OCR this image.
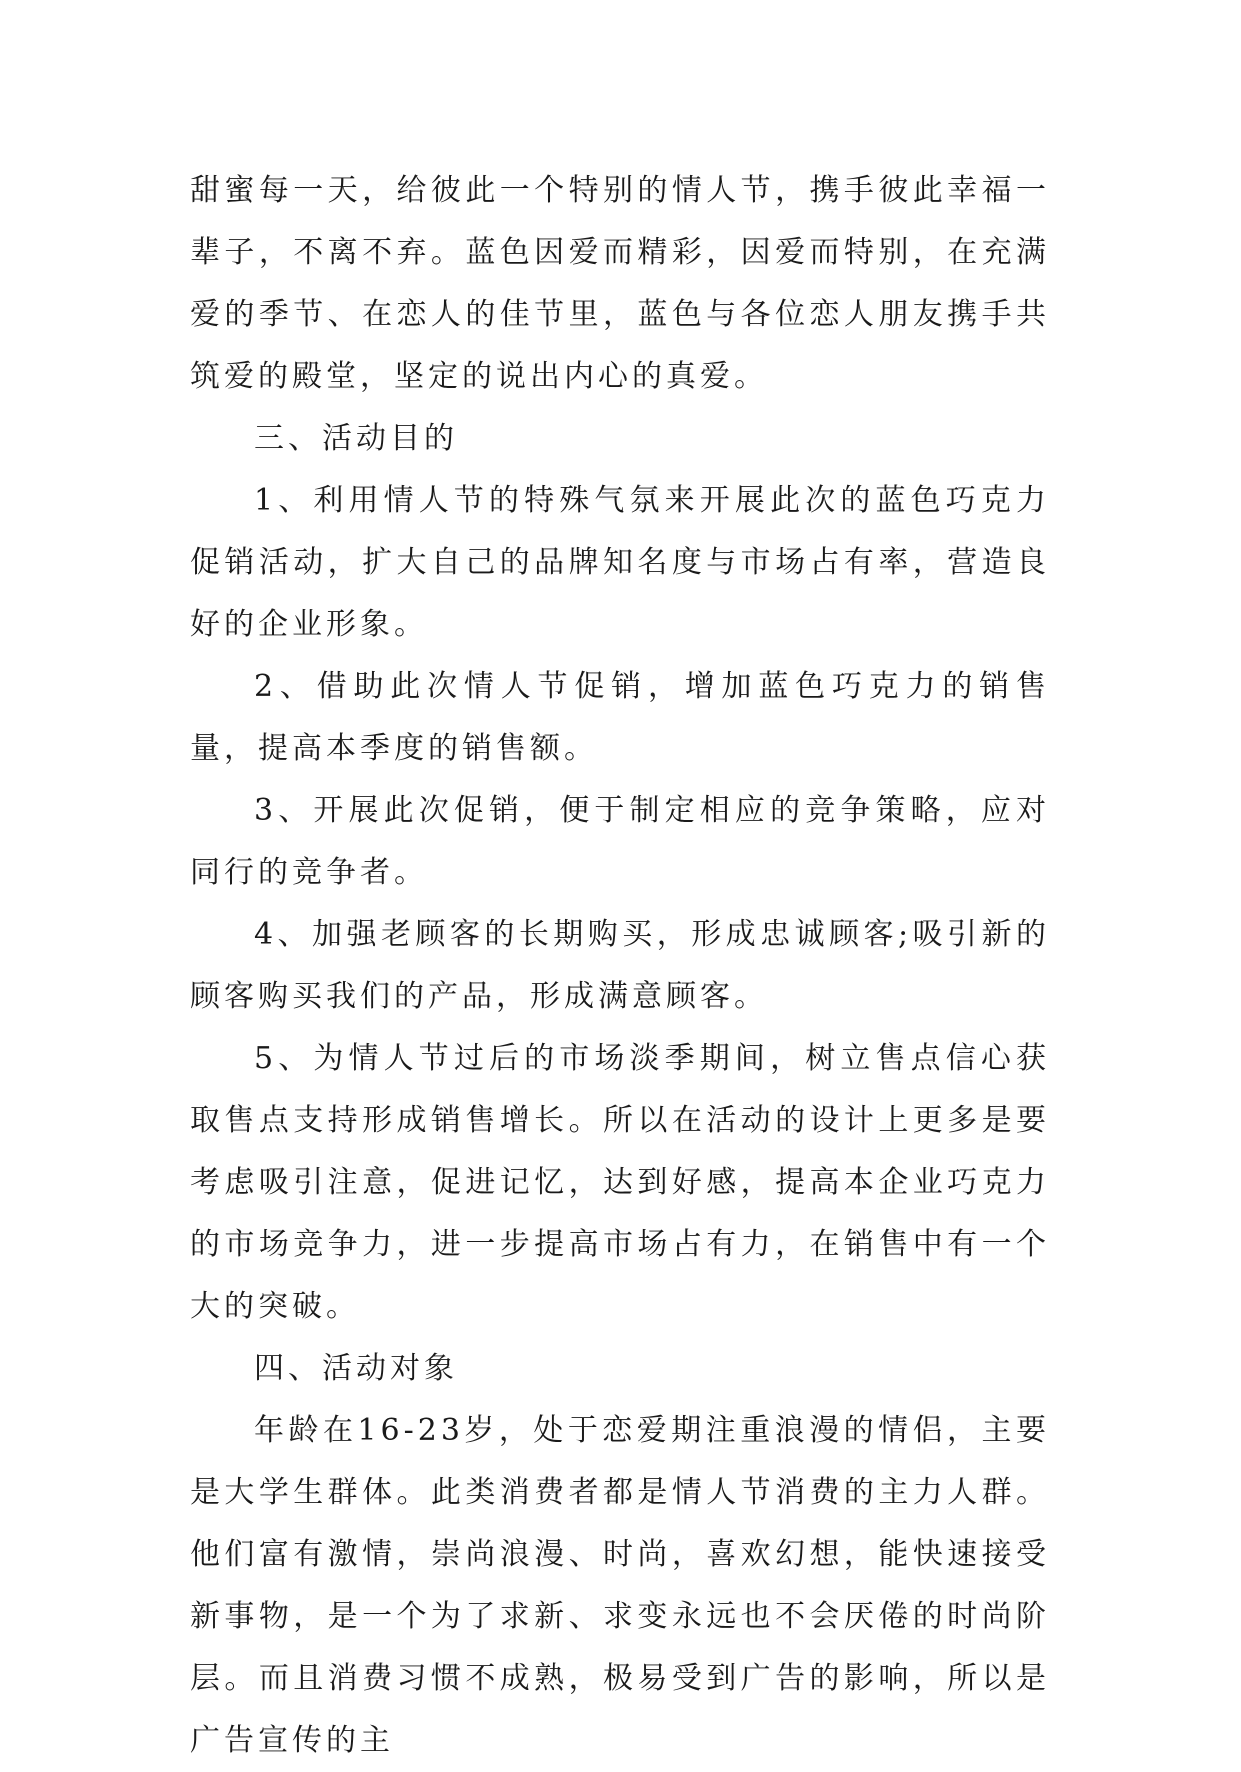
甜蜜每一天，给彼此一个特别的情人节，携手彼此幸福一辈子，不离不弃。蓝色因爱而精彩，因爱而特别，在充满爱的季节、在恋人的佳节里，蓝色与各位恋人朋友携手共筑爱的殿堂，坚定的说出内心的真爱。

三、活动目的

1、利用情人节的特殊气氛来开展此次的蓝色巧克力促销活动，扩大自己的品牌知名度与市场占有率，营造良好的企业形象。

2、借助此次情人节促销，增加蓝色巧克力的销售量，提高本季度的销售额。

3、开展此次促销，便于制定相应的竞争策略，应对同行的竞争者。

4、加强老顾客的长期购买，形成忠诚顾客;吸引新的顾客购买我们的产品，形成满意顾客。

5、为情人节过后的市场淡季期间，树立售点信心获取售点支持形成销售增长。所以在活动的设计上更多是要考虑吸引注意，促进记忆，达到好感，提高本企业巧克力的市场竞争力，进一步提高市场占有力，在销售中有一个大的突破。

四、活动对象

年龄在16-23岁，处于恋爱期注重浪漫的情侣，主要是大学生群体。此类消费者都是情人节消费的主力人群。他们富有激情，崇尚浪漫、时尚，喜欢幻想，能快速接受新事物，是一个为了求新、求变永远也不会厌倦的时尚阶层。而且消费习惯不成熟，极易受到广告的影响，所以是广告宣传的主
